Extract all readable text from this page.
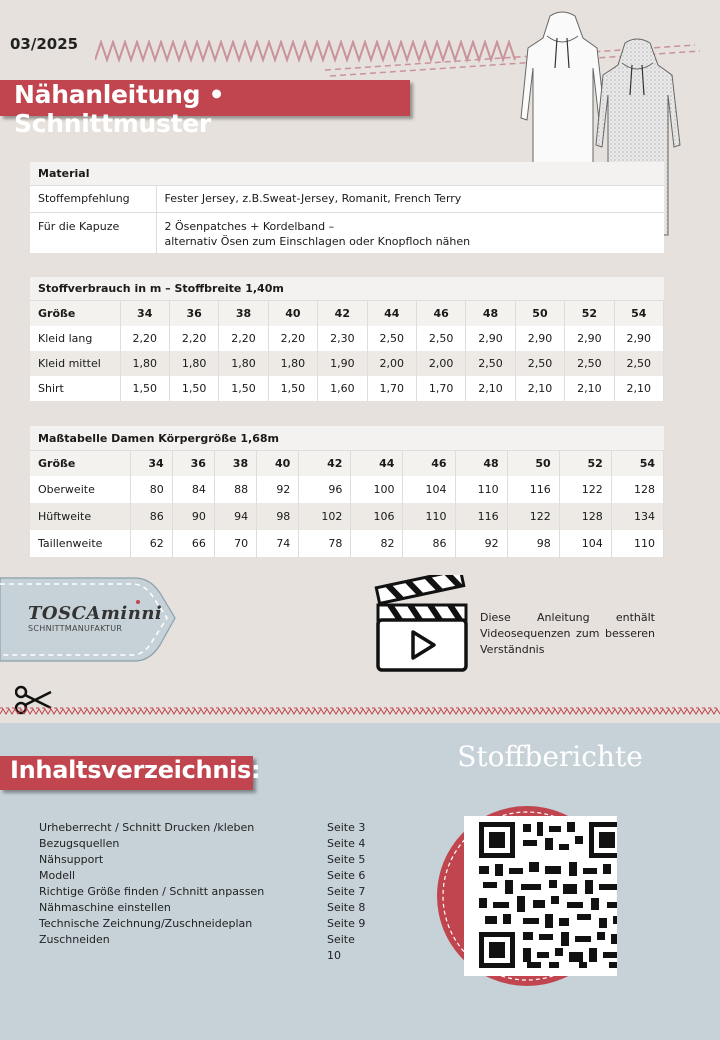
03/2025
Nähanleitung • Schnittmuster
Material
Stoffempfehlung	Fester Jersey, z.B.Sweat-Jersey, Romanit, French Terry
Für die Kapuze	2 Ösenpatches + Kordelband –
alternativ Ösen zum Einschlagen oder Knopfloch nähen
Stoffverbrauch in m – Stoffbreite 1,40m
Größe	34	36	38	40	42	44	46	48	50	52	54
Kleid lang	2,20	2,20	2,20	2,20	2,30	2,50	2,50	2,90	2,90	2,90	2,90
Kleid mittel	1,80	1,80	1,80	1,80	1,90	2,00	2,00	2,50	2,50	2,50	2,50
Shirt	1,50	1,50	1,50	1,50	1,60	1,70	1,70	2,10	2,10	2,10	2,10
Maßtabelle Damen Körpergröße 1,68m
Größe	34	36	38	40	42	44	46	48	50	52	54
Oberweite	80	84	88	92	96	100	104	110	116	122	128
Hüftweite	86	90	94	98	102	106	110	116	122	128	134
Taillenweite	62	66	70	74	78	82	86	92	98	104	110
TOSCAminni
SCHNITTMANUFAKTUR
Diese Anleitung enthält Videosequenzen zum besseren Verständnis
Inhaltsverzeichnis:
Urheberrecht / Schnitt Drucken /kleben	Seite 3
Bezugsquellen	Seite 4
Nähsupport	Seite 5
Modell	Seite 6
Richtige Größe finden / Schnitt anpassen	Seite 7
Nähmaschine einstellen	Seite 8
Technische Zeichnung/Zuschneideplan	Seite 9
Zuschneiden	Seite 10
Stoffberichte
